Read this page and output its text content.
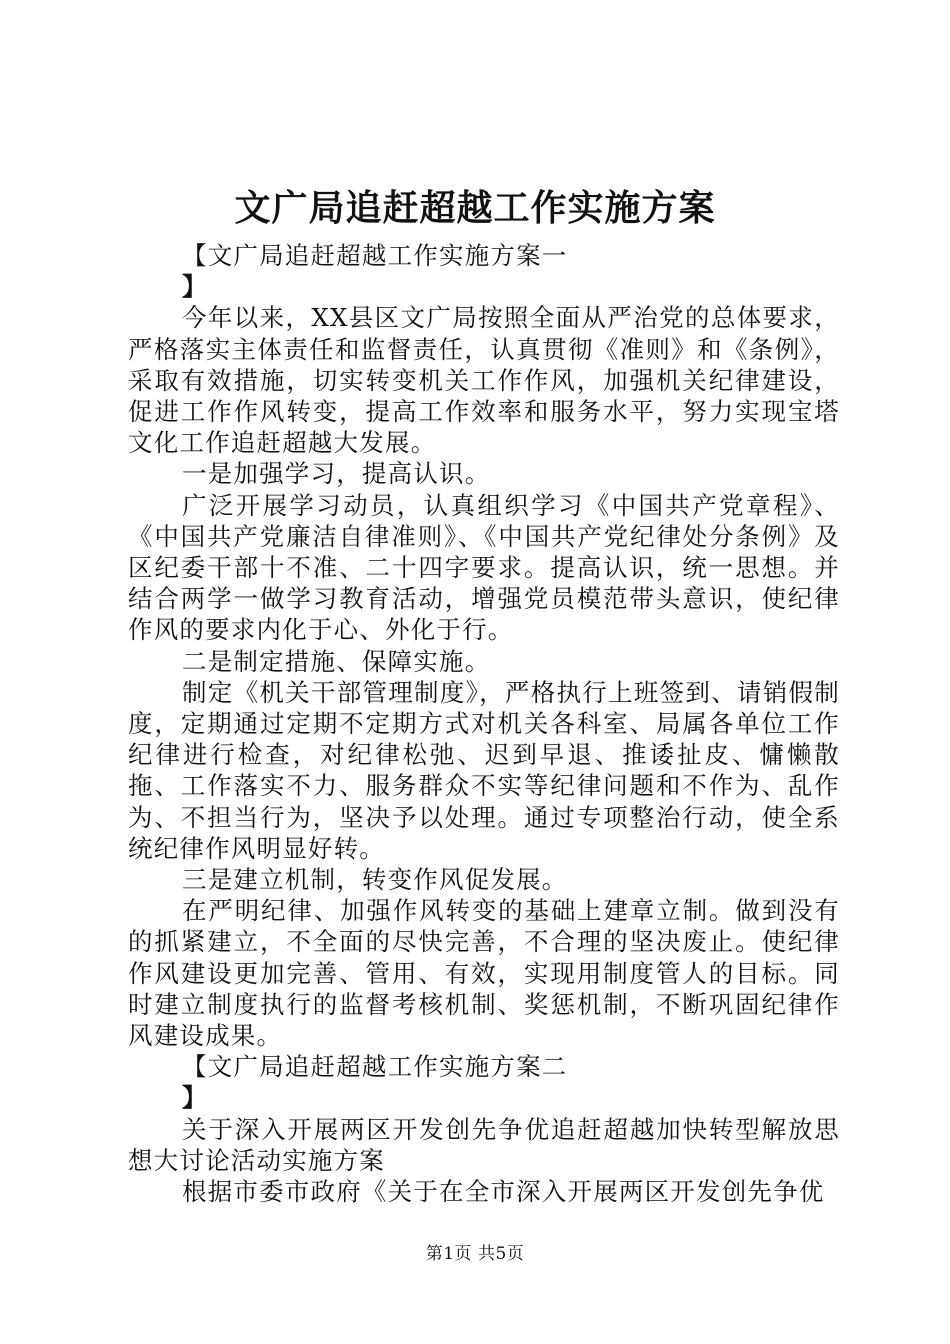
文广局追赶超越工作实施方案
【文广局追赶超越工作实施方案一
】

今年以来，XX县区文广局按照全面从严治党的总体要求，严格落实主体责任和监督责任，认真贯彻《准则》和《条例》，采取有效措施，切实转变机关工作作风，加强机关纪律建设，促进工作作风转变，提高工作效率和服务水平，努力实现宝塔文化工作追赶超越大发展。

一是加强学习，提高认识。

广泛开展学习动员，认真组织学习《中国共产党章程》、《中国共产党廉洁自律准则》、《中国共产党纪律处分条例》及区纪委干部十不准、二十四字要求。提高认识，统一思想。并结合两学一做学习教育活动，增强党员模范带头意识，使纪律作风的要求内化于心、外化于行。

二是制定措施、保障实施。

制定《机关干部管理制度》，严格执行上班签到、请销假制度，定期通过定期不定期方式对机关各科室、局属各单位工作纪律进行检查，对纪律松弛、迟到早退、推诿扯皮、慵懒散拖、工作落实不力、服务群众不实等纪律问题和不作为、乱作为、不担当行为，坚决予以处理。通过专项整治行动，使全系统纪律作风明显好转。

三是建立机制，转变作风促发展。

在严明纪律、加强作风转变的基础上建章立制。做到没有的抓紧建立，不全面的尽快完善，不合理的坚决废止。使纪律作风建设更加完善、管用、有效，实现用制度管人的目标。同时建立制度执行的监督考核机制、奖惩机制，不断巩固纪律作风建设成果。

【文广局追赶超越工作实施方案二
】

关于深入开展两区开发创先争优追赶超越加快转型解放思想大讨论活动实施方案

根据市委市政府《关于在全市深入开展两区开发创先争优

第1页 共5页
